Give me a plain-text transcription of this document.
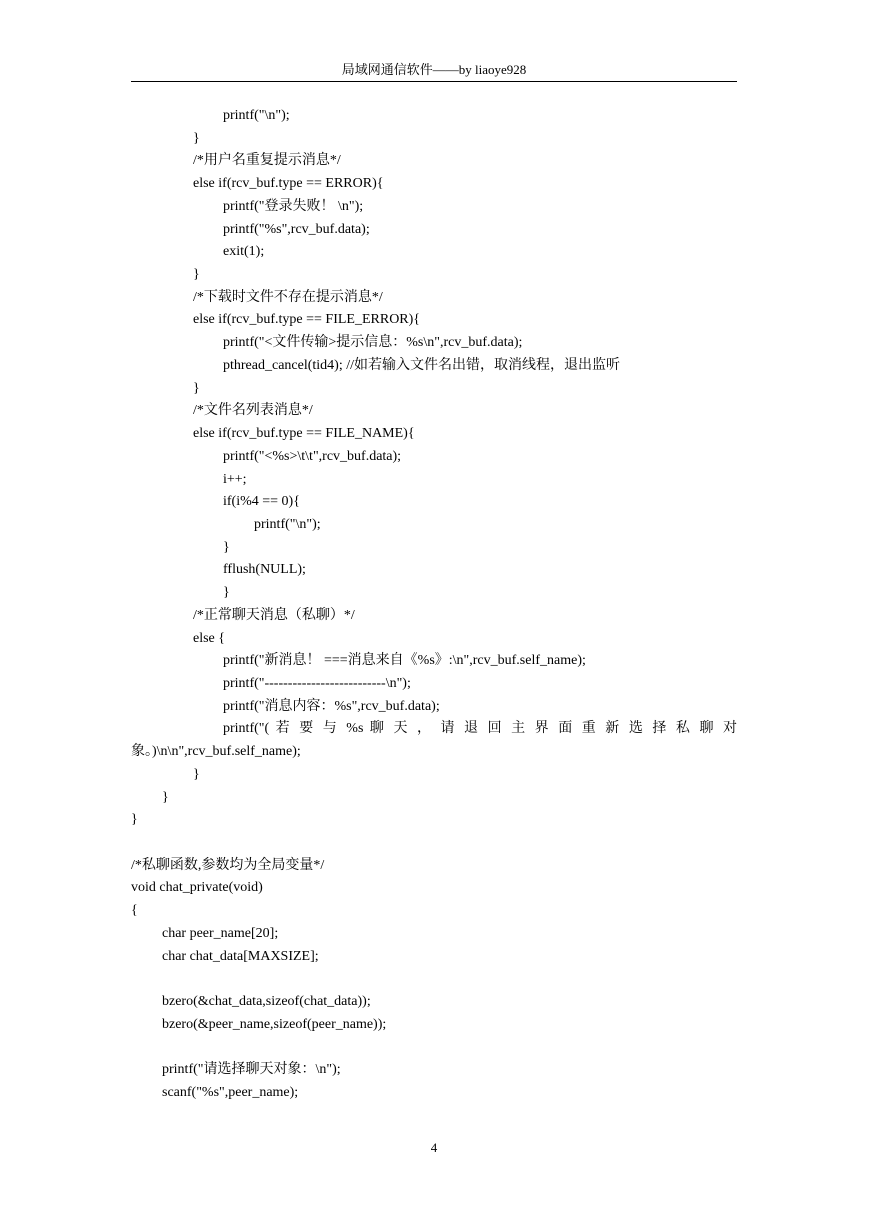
局域网通信软件——by liaoye928
printf("\n");
}
/*用户名重复提示消息*/
else if(rcv_buf.type == ERROR){
printf("登录失败！ \n");
printf("%s",rcv_buf.data);
exit(1);
}
/*下载时文件不存在提示消息*/
else if(rcv_buf.type == FILE_ERROR){
printf("<文件传输>提示信息：%s\n",rcv_buf.data);
pthread_cancel(tid4); //如若输入文件名出错，取消线程，退出监听
}
/*文件名列表消息*/
else if(rcv_buf.type == FILE_NAME){
printf("<%s>\t\t",rcv_buf.data);
i++;
if(i%4 == 0){
printf("\n");
}
fflush(NULL);
}
/*正常聊天消息（私聊）*/
else {
printf("新消息！ ===消息来自《%s》:\n",rcv_buf.self_name);
printf("--------------------------\n");
printf("消息内容：%s",rcv_buf.data);
printf("( 若 要 与 %s 聊 天 ， 请 退 回 主 界 面 重 新 选 择 私 聊 对
象。)\n\n",rcv_buf.self_name);
}
}
}
/*私聊函数,参数均为全局变量*/
void chat_private(void)
{
char peer_name[20];
char chat_data[MAXSIZE];
bzero(&chat_data,sizeof(chat_data));
bzero(&peer_name,sizeof(peer_name));
printf("请选择聊天对象：\n");
scanf("%s",peer_name);
4
